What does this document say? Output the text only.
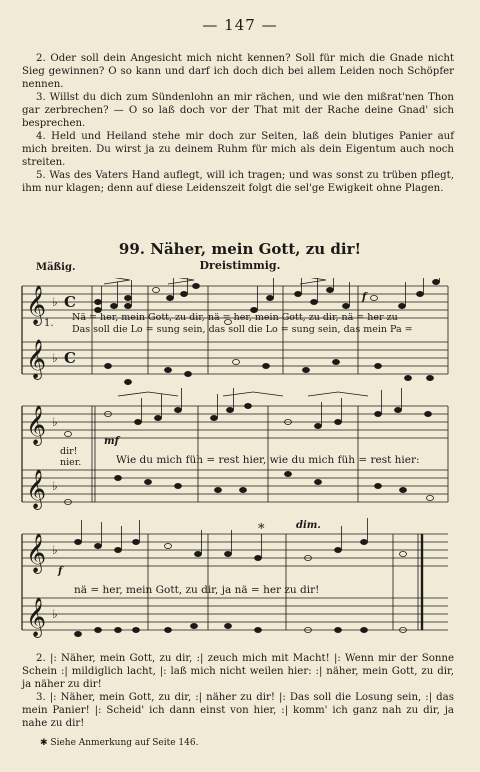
— 147 —

2. Oder soll dein Angesicht mich nicht kennen? Soll für mich die Gnade nicht Sieg gewinnen? O so kann und darf ich doch dich bei allem Leiden noch Schöpfer nennen.

3. Willst du dich zum Sündenlohn an mir rächen, und wie den mißrat'nen Thon gar zerbrechen? — O so laß doch vor der That mit der Rache deine Gnad' sich besprechen.

4. Held und Heiland stehe mir doch zur Seiten, laß dein blutiges Panier auf mich breiten. Du wirst ja zu deinem Ruhm für mich als dein Eigentum auch noch streiten.

5. Was des Vaters Hand auflegt, will ich tragen; und was sonst zu trüben pflegt, ihm nur klagen; denn auf diese Leidenszeit folgt die sel'ge Ewigkeit ohne Plagen.

99. Näher, mein Gott, zu dir!
Mäßig.	Dreistimmig.
𝄞 ♭ C
𝄞 ♭ C
𝄞 ♭
𝄞 ♭
𝄞 ♭
𝄞 ♭
1.
Nä = her, mein Gott, zu dir, nä = her, mein Gott, zu dir, nä = her zu
Das soll die Lo = sung sein, das soll die Lo = sung sein, das mein Pa =
f
dir!
nier.
mf
Wie du mich füh = rest hier, wie du mich füh = rest hier:
*	dim.
f
nä = her, mein Gott, zu dir, ja nä = her zu dir!

2. |: Näher, mein Gott, zu dir, :| zeuch mich mit Macht! |: Wenn mir der Sonne Schein :| mildiglich lacht, |: laß mich nicht weilen hier: :| näher, mein Gott, zu dir, ja näher zu dir!

3. |: Näher, mein Gott, zu dir, :| näher zu dir! |: Das soll die Losung sein, :| das mein Panier! |: Scheid' ich dann einst von hier, :| komm' ich ganz nah zu dir, ja nahe zu dir!

✱ Siehe Anmerkung auf Seite 146.
